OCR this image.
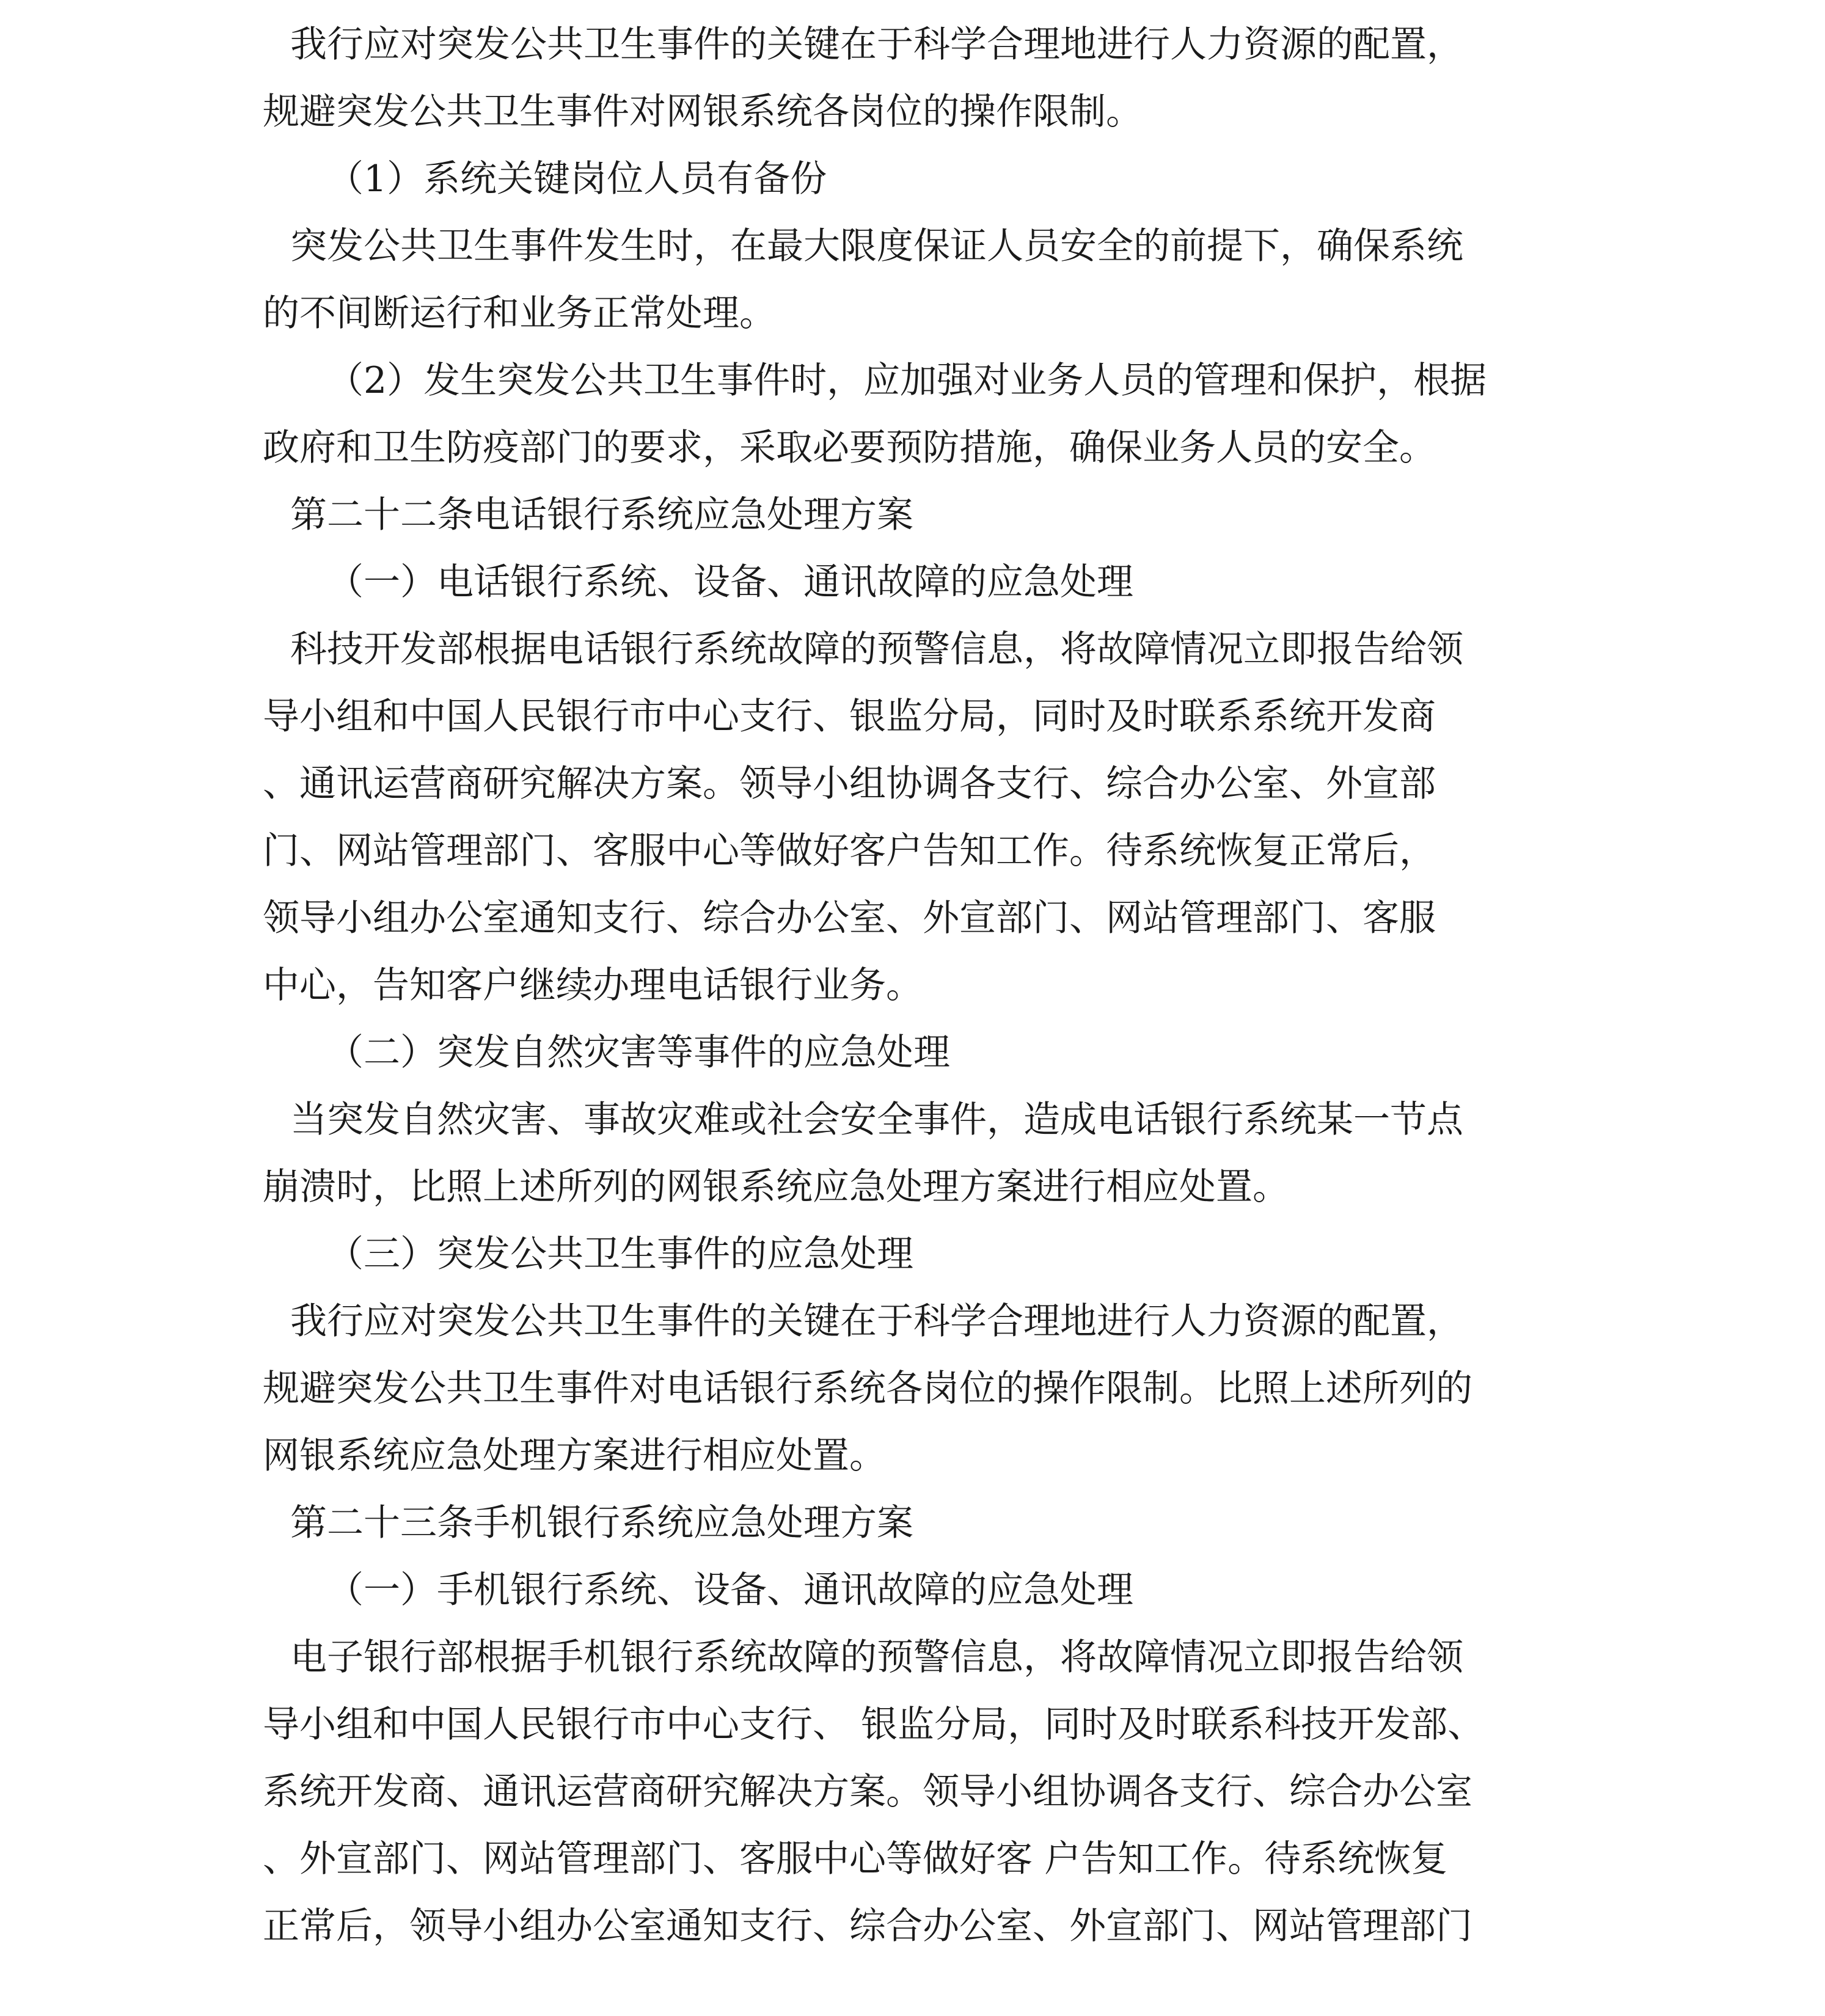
我行应对突发公共卫生事件的关键在于科学合理地进行人力资源的配置，
规避突发公共卫生事件对网银系统各岗位的操作限制。
（1）系统关键岗位人员有备份
突发公共卫生事件发生时，在最大限度保证人员安全的前提下，确保系统
的不间断运行和业务正常处理。
（2）发生突发公共卫生事件时，应加强对业务人员的管理和保护，根据
政府和卫生防疫部门的要求，采取必要预防措施，确保业务人员的安全。
第二十二条电话银行系统应急处理方案
（一）电话银行系统、设备、通讯故障的应急处理
科技开发部根据电话银行系统故障的预警信息，将故障情况立即报告给领
导小组和中国人民银行市中心支行、银监分局，同时及时联系系统开发商
、通讯运营商研究解决方案。领导小组协调各支行、综合办公室、外宣部
门、网站管理部门、客服中心等做好客户告知工作。待系统恢复正常后，
领导小组办公室通知支行、综合办公室、外宣部门、网站管理部门、客服
中心，告知客户继续办理电话银行业务。
（二）突发自然灾害等事件的应急处理
当突发自然灾害、事故灾难或社会安全事件，造成电话银行系统某一节点
崩溃时，比照上述所列的网银系统应急处理方案进行相应处置。
（三）突发公共卫生事件的应急处理
我行应对突发公共卫生事件的关键在于科学合理地进行人力资源的配置，
规避突发公共卫生事件对电话银行系统各岗位的操作限制。比照上述所列的
网银系统应急处理方案进行相应处置。
第二十三条手机银行系统应急处理方案
（一）手机银行系统、设备、通讯故障的应急处理
电子银行部根据手机银行系统故障的预警信息，将故障情况立即报告给领
导小组和中国人民银行市中心支行、 银监分局，同时及时联系科技开发部、
系统开发商、通讯运营商研究解决方案。领导小组协调各支行、综合办公室
、外宣部门、网站管理部门、客服中心等做好客 户告知工作。待系统恢复
正常后，领导小组办公室通知支行、综合办公室、外宣部门、网站管理部门
